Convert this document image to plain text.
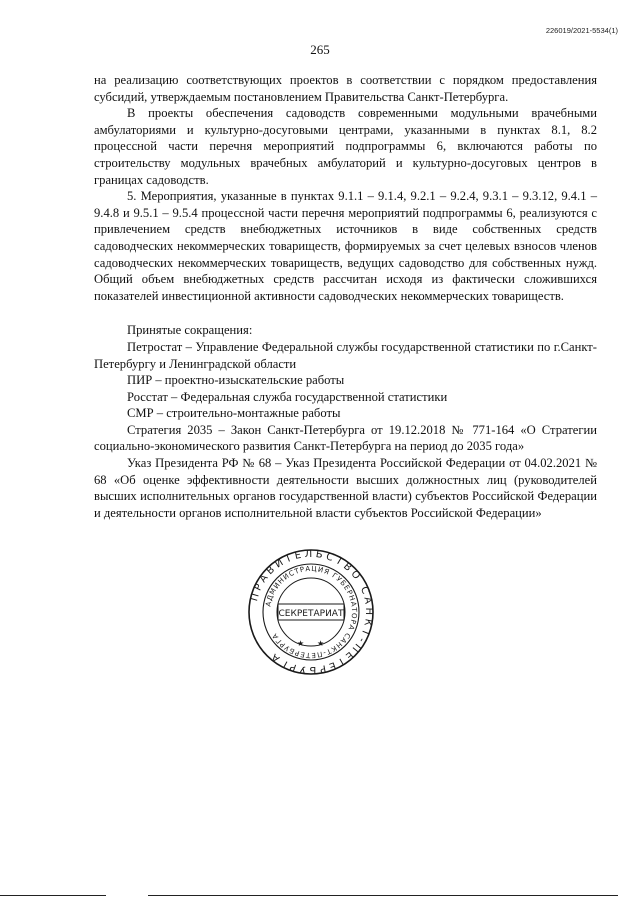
226019/2021-5534(1)
265

на реализацию соответствующих проектов в соответствии с порядком предоставления субсидий, утверждаемым постановлением Правительства Санкт-Петербурга.

В проекты обеспечения садоводств современными модульными врачебными амбулаториями и культурно-досуговыми центрами, указанными в пунктах 8.1, 8.2 процессной части перечня мероприятий подпрограммы 6, включаются работы по строительству модульных врачебных амбулаторий и культурно-досуговых центров в границах садоводств.

5. Мероприятия, указанные в пунктах 9.1.1 – 9.1.4, 9.2.1 – 9.2.4, 9.3.1 – 9.3.12, 9.4.1 – 9.4.8 и 9.5.1 – 9.5.4 процессной части перечня мероприятий подпрограммы 6, реализуются с привлечением средств внебюджетных источников в виде собственных средств садоводческих некоммерческих товариществ, формируемых за счет целевых взносов членов садоводческих некоммерческих товариществ, ведущих садоводство для собственных нужд. Общий объем внебюджетных средств рассчитан исходя из фактически сложившихся показателей инвестиционной активности садоводческих некоммерческих товариществ.

Принятые сокращения:

Петростат – Управление Федеральной службы государственной статистики по г.Санкт-Петербургу и Ленинградской области

ПИР – проектно-изыскательские работы

Росстат – Федеральная служба государственной статистики

СМР – строительно-монтажные работы

Стратегия 2035 – Закон Санкт-Петербурга от 19.12.2018 № 771-164 «О Стратегии социально-экономического развития Санкт-Петербурга на период до 2035 года»

Указ Президента РФ № 68 – Указ Президента Российской Федерации от 04.02.2021 № 68 «Об оценке эффективности деятельности высших должностных лиц (руководителей высших исполнительных органов государственной власти) субъектов Российской Федерации и деятельности органов исполнительной власти субъектов Российской Федерации»

ПРАВИТЕЛЬСТВО САНКТ-ПЕТЕРБУРГА
АДМИНИСТРАЦИЯ ГУБЕРНАТОРА САНКТ-ПЕТЕРБУРГА
СЕКРЕТАРИАТ
★ ★
